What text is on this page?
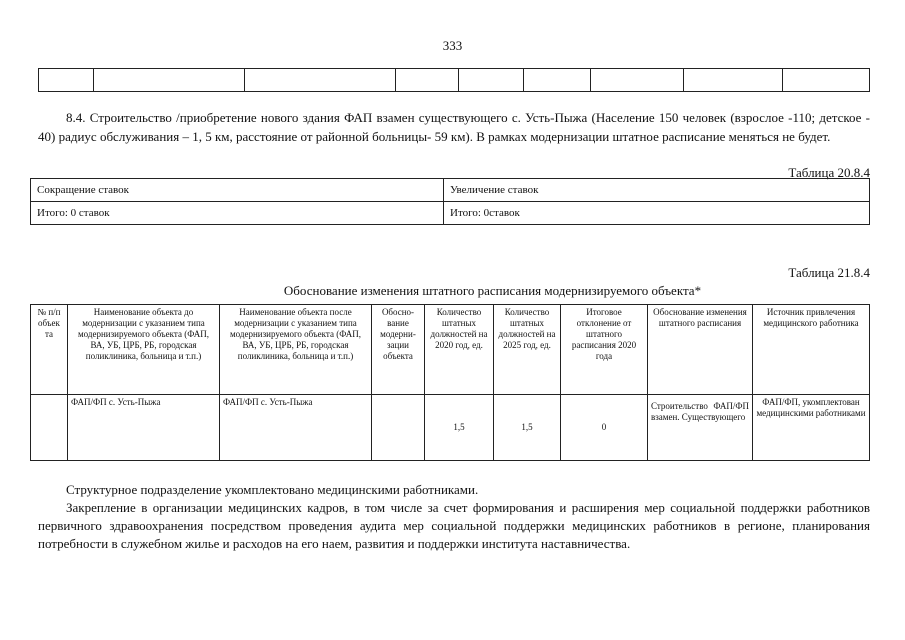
333

8.4. Строительство /приобретение нового здания ФАП взамен существующего с. Усть-Пыжа (Население 150 человек (взрослое -110; детское - 40) радиус обслуживания – 1, 5 км, расстояние от районной больницы- 59 км). В рамках модернизации штатное расписание меняться не будет.
Таблица 20.8.4
Сокращение ставок	Увеличение ставок
Итого: 0 ставок	Итого: 0ставок
Таблица 21.8.4
Обоснование изменения штатного расписания модернизируемого объекта*
№ п/п объек та	Наименование объекта до модернизации с указанием типа модернизируемого объекта (ФАП, ВА, УБ, ЦРБ, РБ, городская поликлиника, больница и т.п.)	Наименование объекта после модернизации с указанием типа модернизируемого объекта (ФАП, ВА, УБ, ЦРБ, РБ, городская поликлиника, больница и т.п.)	Обосно- вание модерни- зации объекта	Количество штатных должностей на 2020 год, ед.	Количество штатных должностей на 2025 год, ед.	Итоговое отклонение от штатного расписания 2020 года	Обоснование изменения штатного расписания	Источник привлечения медицинского работника
	ФАП/ФП с. Усть-Пыжа	ФАП/ФП с. Усть-Пыжа		1,5	1,5	0	Строительство ФАП/ФП взамен. Существующего	ФАП/ФП, укомплектован медицинскими работниками
Структурное подразделение укомплектовано медицинскими работниками.
Закрепление в организации медицинских кадров, в том числе за счет формирования и расширения мер социальной поддержки работников первичного здравоохранения посредством проведения аудита мер социальной поддержки медицинских работников в регионе, планирования потребности в служебном жилье и расходов на его наем, развития и поддержки института наставничества.
